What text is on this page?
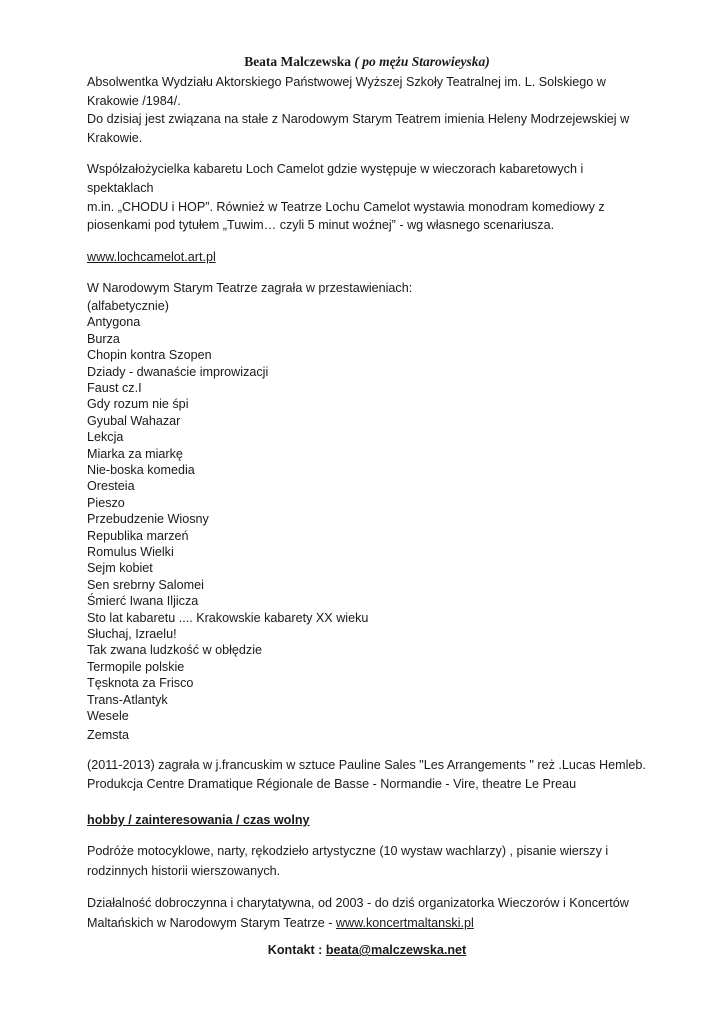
Beata Malczewska ( po mężu Starowieyska)

Absolwentka Wydziału Aktorskiego Państwowej Wyższej Szkoły Teatralnej im. L. Solskiego w

Krakowie /1984/.

Do dzisiaj jest związana na stałe z Narodowym Starym Teatrem imienia Heleny Modrzejewskiej w

Krakowie.

Współzałożycielka kabaretu Loch Camelot gdzie występuje w wieczorach kabaretowych i spektaklach

m.in. „CHODU i HOP”. Również w Teatrze Lochu Camelot wystawia monodram komediowy z

piosenkami pod tytułem „Tuwim… czyli 5 minut woźnej” - wg własnego scenariusza.

www.lochcamelot.art.pl

W Narodowym Starym Teatrze zagrała w przestawieniach:

(alfabetycznie)
Antygona
Burza
Chopin kontra Szopen
Dziady - dwanaście improwizacji
Faust cz.I
Gdy rozum nie śpi
Gyubal Wahazar
Lekcja
Miarka za miarkę
Nie-boska komedia
Oresteia
Pieszo
Przebudzenie Wiosny
Republika marzeń
Romulus Wielki
Sejm kobiet
Sen srebrny Salomei
Śmierć Iwana Iljicza
Sto lat kabaretu .... Krakowskie kabarety XX wieku
Słuchaj, Izraelu!
Tak zwana ludzkość w obłędzie
Termopile polskie
Tęsknota za Frisco
Trans-Atlantyk
Wesele
Zemsta

(2011-2013) zagrała w j.francuskim w sztuce Pauline Sales "Les Arrangements " reż .Lucas Hemleb.

Produkcja Centre Dramatique Régionale de Basse - Normandie - Vire, theatre Le Preau

hobby / zainteresowania / czas wolny

Podróże motocyklowe, narty, rękodzieło artystyczne (10 wystaw wachlarzy) , pisanie wierszy i

rodzinnych historii wierszowanych.

Działalność dobroczynna i charytatywna, od 2003 - do dziś organizatorka Wieczorów i Koncertów

Maltańskich w Narodowym Starym Teatrze - www.koncertmaltanski.pl

Kontakt : beata@malczewska.net
